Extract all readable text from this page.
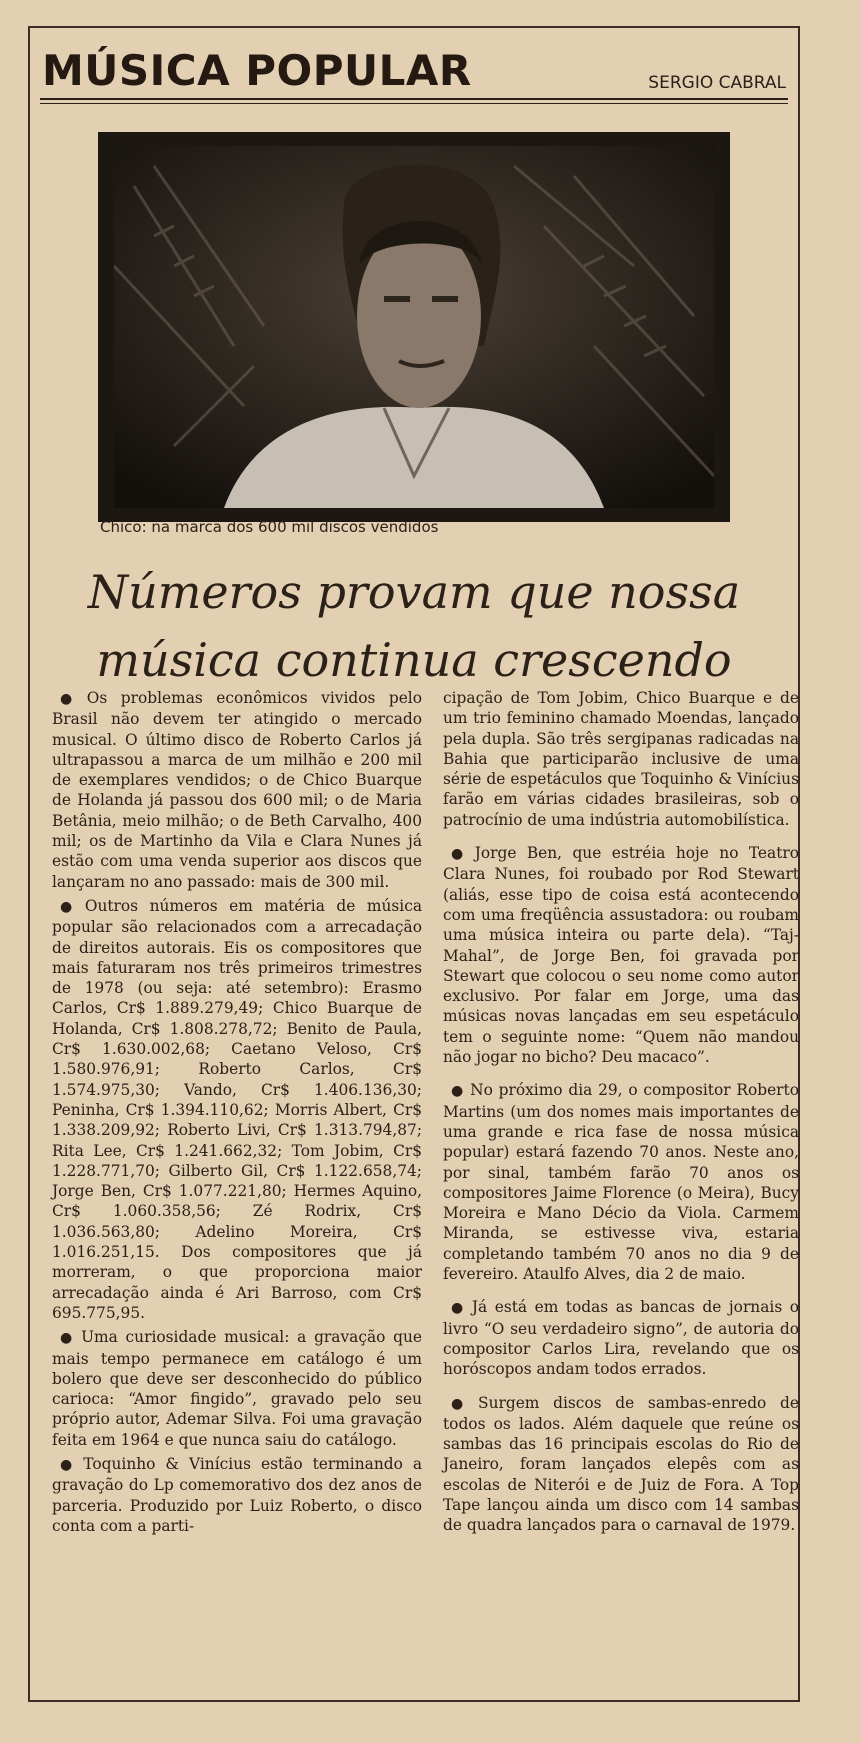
MÚSICA POPULAR	SERGIO CABRAL
Chico: na marca dos 600 mil discos vendidos
Números provam que nossa
música continua crescendo

● Os problemas econômicos vividos pelo Brasil não devem ter atingido o mercado musical. O último disco de Roberto Carlos já ultrapassou a marca de um milhão e 200 mil de exemplares vendidos; o de Chico Buarque de Holanda já passou dos 600 mil; o de Maria Betânia, meio milhão; o de Beth Carvalho, 400 mil; os de Martinho da Vila e Clara Nunes já estão com uma venda superior aos discos que lançaram no ano passado: mais de 300 mil.

● Outros números em matéria de música popular são relacionados com a arrecadação de direitos autorais. Eis os compositores que mais faturaram nos três primeiros trimestres de 1978 (ou seja: até setembro): Erasmo Carlos, Cr$ 1.889.279,49; Chico Buarque de Holanda, Cr$ 1.808.278,72; Benito de Paula, Cr$ 1.630.002,68; Caetano Veloso, Cr$ 1.580.976,91; Roberto Carlos, Cr$ 1.574.975,30; Vando, Cr$ 1.406.136,30; Peninha, Cr$ 1.394.110,62; Morris Albert, Cr$ 1.338.209,92; Roberto Livi, Cr$ 1.313.794,87; Rita Lee, Cr$ 1.241.662,32; Tom Jobim, Cr$ 1.228.771,70; Gilberto Gil, Cr$ 1.122.658,74; Jorge Ben, Cr$ 1.077.221,80; Hermes Aquino, Cr$ 1.060.358,56; Zé Rodrix, Cr$ 1.036.563,80; Adelino Moreira, Cr$ 1.016.251,15. Dos compositores que já morreram, o que proporciona maior arrecadação ainda é Ari Barroso, com Cr$ 695.775,95.

● Uma curiosidade musical: a gravação que mais tempo permanece em catálogo é um bolero que deve ser desconhecido do público carioca: “Amor fingido”, gravado pelo seu próprio autor, Ademar Silva. Foi uma gravação feita em 1964 e que nunca saiu do catálogo.

● Toquinho & Vinícius estão terminando a gravação do Lp comemorativo dos dez anos de parceria. Produzido por Luiz Roberto, o disco conta com a parti-

cipação de Tom Jobim, Chico Buarque e de um trio feminino chamado Moendas, lançado pela dupla. São três sergipanas radicadas na Bahia que participarão inclusive de uma série de espetáculos que Toquinho & Vinícius farão em várias cidades brasileiras, sob o patrocínio de uma indústria automobilística.

● Jorge Ben, que estréia hoje no Teatro Clara Nunes, foi roubado por Rod Stewart (aliás, esse tipo de coisa está acontecendo com uma freqüência assustadora: ou roubam uma música inteira ou parte dela). “Taj-Mahal”, de Jorge Ben, foi gravada por Stewart que colocou o seu nome como autor exclusivo. Por falar em Jorge, uma das músicas novas lançadas em seu espetáculo tem o seguinte nome: “Quem não mandou não jogar no bicho? Deu macaco”.

● No próximo dia 29, o compositor Roberto Martins (um dos nomes mais importantes de uma grande e rica fase de nossa música popular) estará fazendo 70 anos. Neste ano, por sinal, também farão 70 anos os compositores Jaime Florence (o Meira), Bucy Moreira e Mano Décio da Viola. Carmem Miranda, se estivesse viva, estaria completando também 70 anos no dia 9 de fevereiro. Ataulfo Alves, dia 2 de maio.

● Já está em todas as bancas de jornais o livro “O seu verdadeiro signo”, de autoria do compositor Carlos Lira, revelando que os horóscopos andam todos errados.

● Surgem discos de sambas-enredo de todos os lados. Além daquele que reúne os sambas das 16 principais escolas do Rio de Janeiro, foram lançados elepês com as escolas de Niterói e de Juiz de Fora. A Top Tape lançou ainda um disco com 14 sambas de quadra lançados para o carnaval de 1979.
